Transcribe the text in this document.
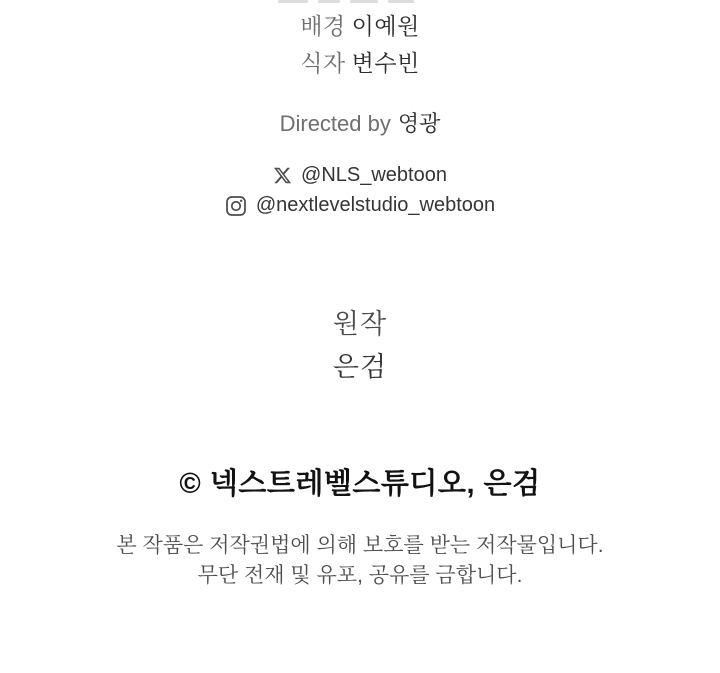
배경 이예원
식자 변수빈
Directed by 영광
@NLS_webtoon
@nextlevelstudio_webtoon
원작
은검
© 넥스트레벨스튜디오, 은검
본 작품은 저작권법에 의해 보호를 받는 저작물입니다.
무단 전재 및 유포, 공유를 금합니다.
